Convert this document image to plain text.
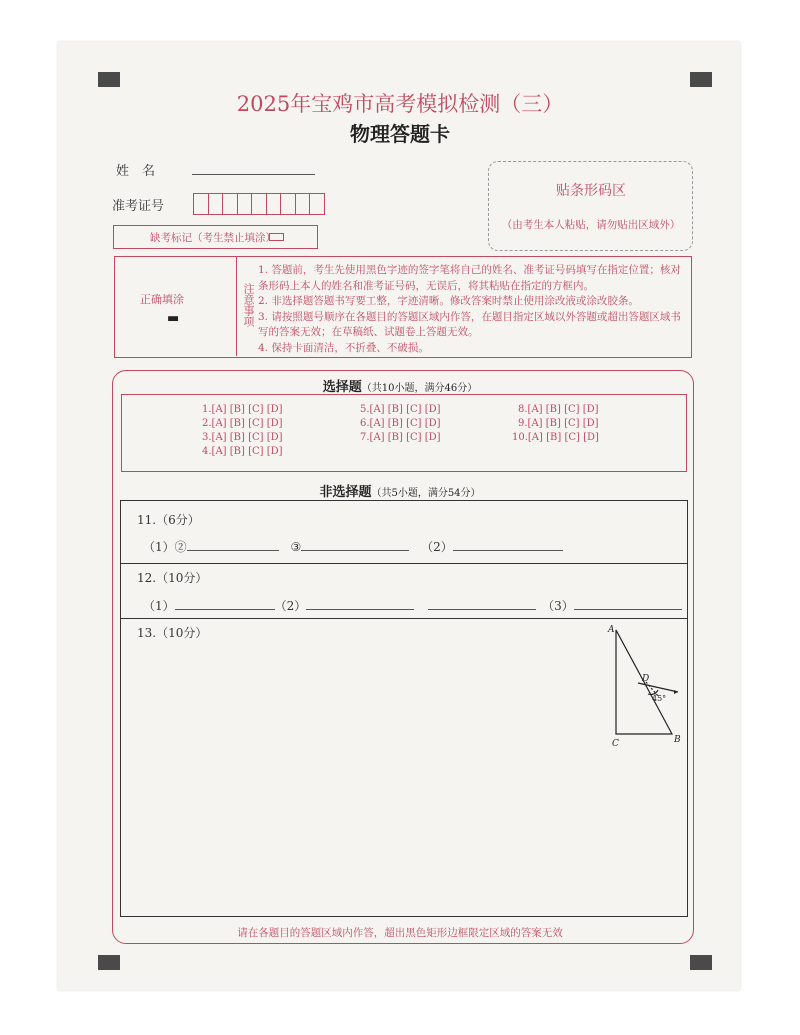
2025年宝鸡市高考模拟检测（三）
物理答题卡
姓　名
准考证号
缺考标记（考生禁止填涂）
贴条形码区
（由考生本人粘贴，请勿贴出区域外）
正确填涂
▬	注意事项
1. 答题前，考生先使用黑色字迹的签字笔将自己的姓名、准考证号码填写在指定位置；核对条形码上本人的姓名和准考证号码，无误后，将其粘贴在指定的方框内。
2. 非选择题答题书写要工整，字迹清晰。修改答案时禁止使用涂改液或涂改胶条。
3. 请按照题号顺序在各题目的答题区域内作答，在题目指定区域以外答题或超出答题区域书写的答案无效；在草稿纸、试题卷上答题无效。
4. 保持卡面清洁，不折叠、不破损。
选择题（共10小题，满分46分）
1.[A] [B] [C] [D]
2.[A] [B] [C] [D]
3.[A] [B] [C] [D]
4.[A] [B] [C] [D]
5.[A] [B] [C] [D]
6.[A] [B] [C] [D]
7.[A] [B] [C] [D]
8.[A] [B] [C] [D]
9.[A] [B] [C] [D]
10.[A] [B] [C] [D]
非选择题（共5小题，满分54分）
11.（6分）
（1）②	③	（2）
12.（10分）
（1）	（2）	（3）
13.（10分）	A
B
C
D
45°
请在各题目的答题区域内作答，超出黑色矩形边框限定区域的答案无效
